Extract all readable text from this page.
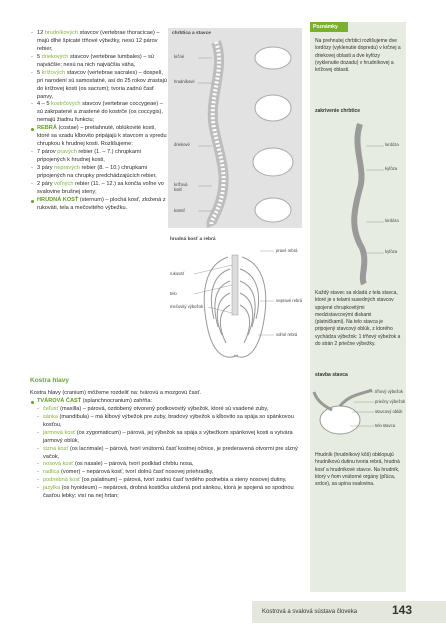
- 12 hrudníkových stavcov (vertebrae thoracicae) – majú dlhé špicaté tŕňové výbežky, nesú 12 párov rebier,
- 5 driekových stavcov (vertebrae lumbales) – sú najväčšie; nesú na nich najväčšia váha,
- 5 krížových stavcov (vertebrae sacrales) – dospelí, pri narodení sú samostatné, asi do 25 rokov zrastajú do krížovej kosti (os sacrum); tvoria zadnú časť panvy,
- 4 – 5 kostrčových stavcov (vertebrae coccygeae) – sú zakrpatené a zrastené do kostrče (os coccygis), nemajú žiadnu funkciu;
REBRÁ (costae) – pretiahnuté, oblúkovité kosti, ktoré sa vzadu kĺbovito pripájajú k stavcom a vpredu chrupkou k hrudnej kosti. Rozlišujeme:
- 7 párov pravých rebier (1. – 7.) chrupkami pripojených k hrudnej kosti,
- 3 páry nepravých rebier (8. – 10.) chrupkami pripojených na chrupky predchádzajúcich rebier,
- 2 páry voľných rebier (11. – 12.) sa končia voľne vo svalovine brušnej steny;
HRUDNÁ KOSŤ (sternum) – plochá kosť, zložená z rukoväti, tela a mečovitého výbežku.
chrbtica a stavce
krčné
hrudníkové
driekové
krížová kosť
kostrč
hrudná kosť a rebrá
pravé rebrá
nepravé rebrá
voľné rebrá
rukoväť
telo
mečovitý výbežok
Kostra hlavy
Kostra hlavy (cranium) môžeme rozdeliť na: tvárovú a mozgovú časť.
TVÁROVÁ ČASŤ (splanchnocranium) zahŕňa:
- čeľusť (maxilla) – párová, ozdobený otvorený podkovovitý výbežok, ktoré sú vsadené zuby,
- sánka (mandibula) – má kĺbový výbežok pre zuby, bradový výbežok a kĺbovito sa spája so spánkovou kosťou,
- jarmová kosť (os zygomaticum) – párová, jej výbežok sa spája s výbežkom spánkovej kosti a vytvára jarmový oblúk,
- slzná kosť (os lacrimale) – párová, tvorí vnútornú časť kostnej očnice, je prederavená otvormi pre slzný vačok,
- nosová kosť (os nasale) – párová, tvorí podklad chrbtu nosa,
- radlica (vomer) – nepárová kosť, tvorí dolnú časť nosovej priehradky,
- podnebná kosť (os palatinum) – párová, tvorí zadnú časť tvrdého podnebia a steny nosovej dutiny,
- jazylka (os hyoideum) – nepárová, drobná kostička uložená pod sánkou, ktorá je spojená so spodnou časťou lebky; visí na nej hrtan;
Poznámky
Na prehnutej chrbtici rozlišujeme dve lordózy (vyklenutie dopredu) v krčnej a driekovej oblasti a dve kyfózy (vyklenutie dozadu) v hrudníkovej a krížovej oblasti.
zakrivenie chrbtice
lordóza
kyfóza
lordóza
kyfóza
Každý stavec sa skladá z tela stavca, ktoré je s telami susedných stavcov spojené chrupkovitými medzistavcovými diskami (platničkami). Na telo stavca je pripojený stavcový oblúk, z ktorého vychádza výbežok: 1 tŕňový výbežok a do strán 2 priečne výbežky.
stavba stavca
tŕňový výbežok
priečny výbežok
stavcový oblúk
telo stavca
Hrudník (hrudníkový kôš) obklopujú hrudníkovú dutinu tvoria rebrá, hrudná kosť a hrudníkové stavce. Na hrudník, ktorý v ňom vnútorné orgány (pľúca, srdce), sa upína svalovina.
Kostrová a svalová sústava človeka	143
